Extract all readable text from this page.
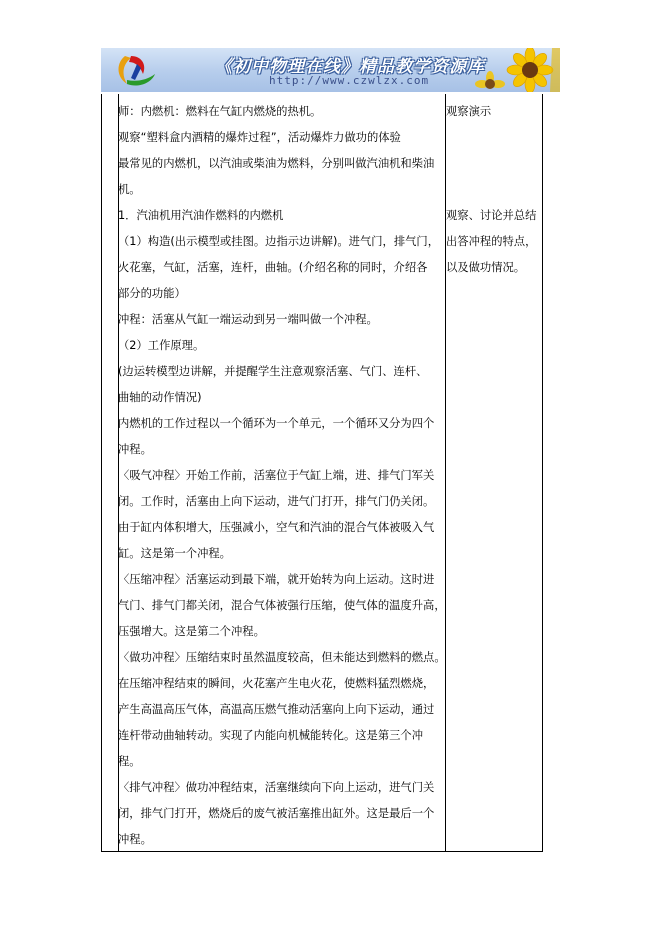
《初中物理在线》精品教学资源库
http://www.czwlzx.com
师：内燃机：燃料在气缸内燃烧的热机。
观察“塑料盒内酒精的爆炸过程”，活动爆炸力做功的体验
最常见的内燃机，以汽油或柴油为燃料，分别叫做汽油机和柴油
机。
1．汽油机用汽油作燃料的内燃机
（1）构造(出示模型或挂图。边指示边讲解)。进气门，排气门，
火花塞，气缸，活塞，连杆，曲轴。(介绍名称的同时，介绍各
部分的功能）
冲程：活塞从气缸一端运动到另一端叫做一个冲程。
（2）工作原理。
(边运转模型边讲解，并提醒学生注意观察活塞、气门、连杆、
曲轴的动作情况)
内燃机的工作过程以一个循环为一个单元，一个循环又分为四个
冲程。
〈吸气冲程〉开始工作前，活塞位于气缸上端，进、排气门军关
闭。工作时，活塞由上向下运动，进气门打开，排气门仍关闭。
由于缸内体积增大，压强减小，空气和汽油的混合气体被吸入气
缸。这是第一个冲程。
〈压缩冲程〉活塞运动到最下端，就开始转为向上运动。这时进
气门、排气门都关闭，混合气体被强行压缩，使气体的温度升高，
压强增大。这是第二个冲程。
〈做功冲程〉压缩结束时虽然温度较高，但未能达到燃料的燃点。
在压缩冲程结束的瞬间，火花塞产生电火花，使燃料猛烈燃烧，
产生高温高压气体，高温高压燃气推动活塞向上向下运动，通过
连杆带动曲轴转动。实现了内能向机械能转化。这是第三个冲
程。
〈排气冲程〉做功冲程结束，活塞继续向下向上运动，进气门关
闭，排气门打开，燃烧后的废气被活塞推出缸外。这是最后一个
冲程。
观察演示
观察、讨论并总结
出答冲程的特点，
以及做功情况。
